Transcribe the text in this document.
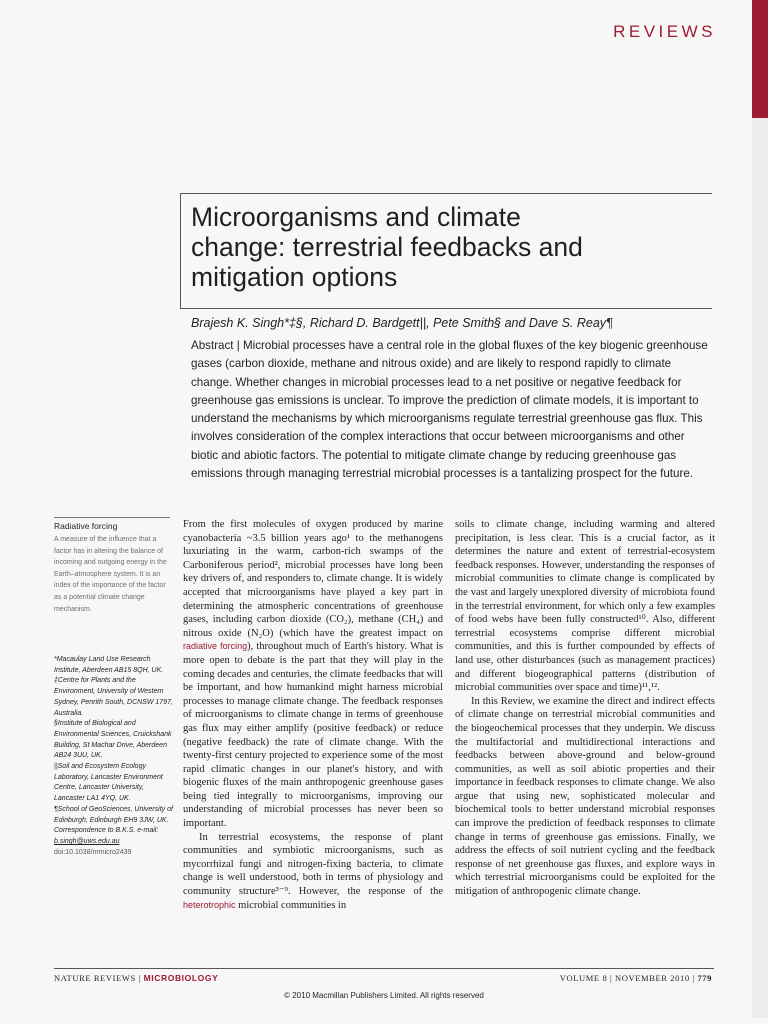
REVIEWS
Microorganisms and climate change: terrestrial feedbacks and mitigation options
Brajesh K. Singh*‡§, Richard D. Bardgett||, Pete Smith§ and Dave S. Reay¶
Abstract | Microbial processes have a central role in the global fluxes of the key biogenic greenhouse gases (carbon dioxide, methane and nitrous oxide) and are likely to respond rapidly to climate change. Whether changes in microbial processes lead to a net positive or negative feedback for greenhouse gas emissions is unclear. To improve the prediction of climate models, it is important to understand the mechanisms by which microorganisms regulate terrestrial greenhouse gas flux. This involves consideration of the complex interactions that occur between microorganisms and other biotic and abiotic factors. The potential to mitigate climate change by reducing greenhouse gas emissions through managing terrestrial microbial processes is a tantalizing prospect for the future.
Radiative forcing
A measure of the influence that a factor has in altering the balance of incoming and outgoing energy in the Earth–atmosphere system. It is an index of the importance of the factor as a potential climate change mechanism.
*Macaulay Land Use Research Institute, Aberdeen AB15 8QH, UK.
‡Centre for Plants and the Environment, University of Western Sydney, Penrith South, DCNSW 1797, Australia.
§Institute of Biological and Environmental Sciences, Cruickshank Building, St Machar Drive, Aberdeen AB24 3UU, UK.
||Soil and Ecosystem Ecology Laboratory, Lancaster Environment Centre, Lancaster University, Lancaster LA1 4YQ, UK.
¶School of GeoSciences, University of Edinburgh, Edinburgh EH9 3JW, UK.
Correspondence to B.K.S. e-mail:
b.singh@uws.edu.au
doi:10.1038/nrmicro2439

From the first molecules of oxygen produced by marine cyanobacteria ~3.5 billion years ago¹ to the methanogens luxuriating in the warm, carbon-rich swamps of the Carboniferous period², microbial processes have long been key drivers of, and responders to, climate change. It is widely accepted that microorganisms have played a key part in determining the atmospheric concentrations of greenhouse gases, including carbon dioxide (CO₂), methane (CH₄) and nitrous oxide (N₂O) (which have the greatest impact on radiative forcing), throughout much of Earth's history. What is more open to debate is the part that they will play in the coming decades and centuries, the climate feedbacks that will be important, and how humankind might harness microbial processes to manage climate change. The feedback responses of microorganisms to climate change in terms of greenhouse gas flux may either amplify (positive feedback) or reduce (negative feedback) the rate of climate change. With the twenty-first century projected to experience some of the most rapid climatic changes in our planet's history, and with biogenic fluxes of the main anthropogenic greenhouse gases being tied integrally to microorganisms, improving our understanding of microbial processes has never been so important.

In terrestrial ecosystems, the response of plant communities and symbiotic microorganisms, such as mycorrhizal fungi and nitrogen-fixing bacteria, to climate change is well understood, both in terms of physiology and community structure³⁻⁹. However, the response of the heterotrophic microbial communities in

soils to climate change, including warming and altered precipitation, is less clear. This is a crucial factor, as it determines the nature and extent of terrestrial-ecosystem feedback responses. However, understanding the responses of microbial communities to climate change is complicated by the vast and largely unexplored diversity of microbiota found in the terrestrial environment, for which only a few examples of food webs have been fully constructed¹⁰. Also, different terrestrial ecosystems comprise different microbial communities, and this is further compounded by effects of land use, other disturbances (such as management practices) and different biogeographical patterns (distribution of microbial communities over space and time)¹¹,¹².

In this Review, we examine the direct and indirect effects of climate change on terrestrial microbial communities and the biogeochemical processes that they underpin. We discuss the multifactorial and multidirectional interactions and feedbacks between above-ground and below-ground communities, as well as soil abiotic properties and their importance in feedback responses to climate change. We also argue that using new, sophisticated molecular and biochemical tools to better understand microbial responses can improve the prediction of feedback responses to climate change in terms of greenhouse gas emissions. Finally, we address the effects of soil nutrient cycling and the feedback response of net greenhouse gas fluxes, and explore ways in which terrestrial microorganisms could be exploited for the mitigation of anthropogenic climate change.

NATURE REVIEWS | MICROBIOLOGY	VOLUME 8 | NOVEMBER 2010 | 779
© 2010 Macmillan Publishers Limited. All rights reserved
